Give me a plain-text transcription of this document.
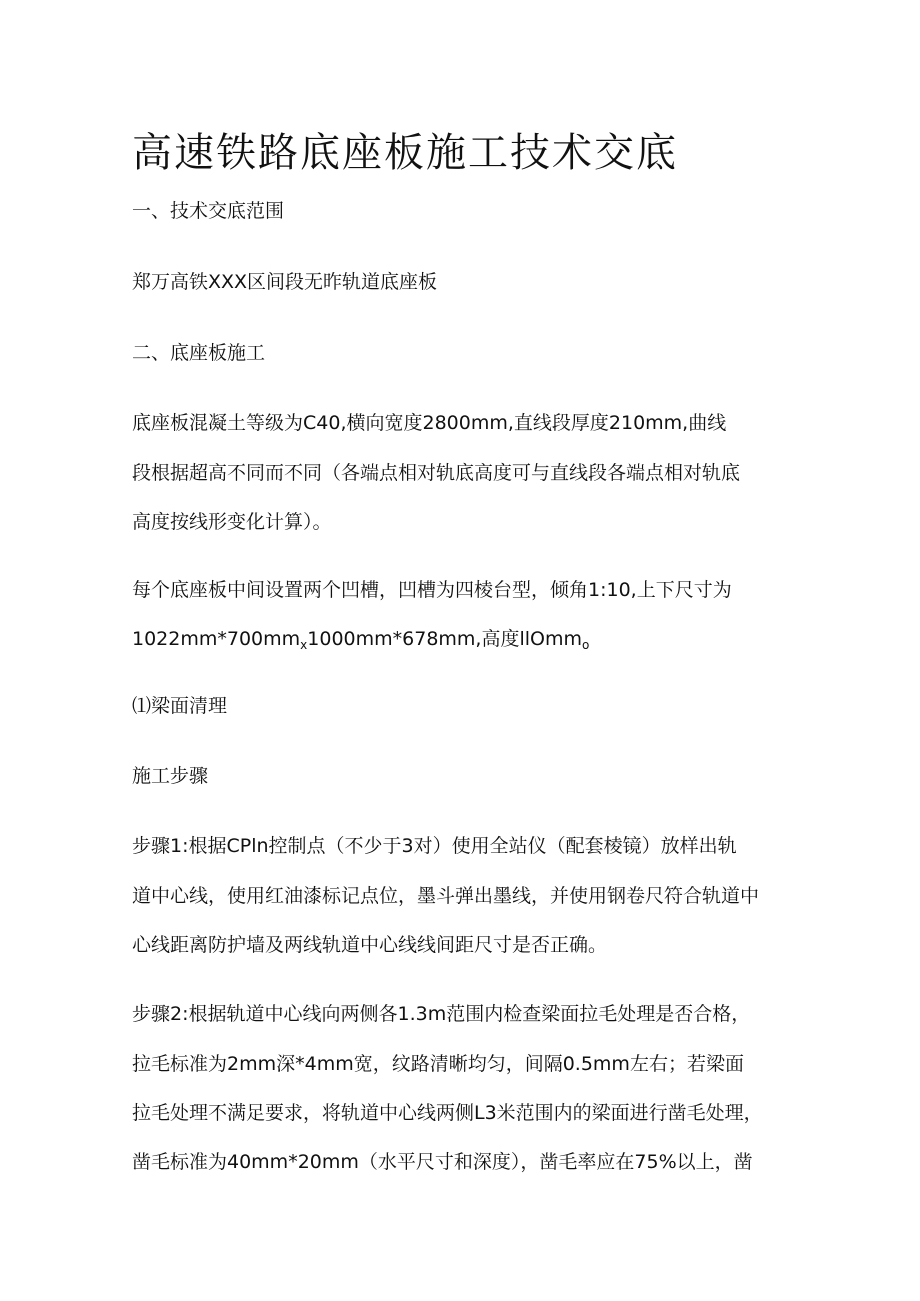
高速铁路底座板施工技术交底

一、技术交底范围

郑万高铁XXX区间段无昨轨道底座板

二、底座板施工

底座板混凝土等级为C40,横向宽度2800mm,直线段厚度210mm,曲线

段根据超高不同而不同（各端点相对轨底高度可与直线段各端点相对轨底

高度按线形变化计算）。

每个底座板中间设置两个凹槽，凹槽为四棱台型，倾角1:10,上下尺寸为

$1022mm*700mm_x1000mm*678mm$,高度llOmm$_o$

⑴梁面清理

施工步骤

步骤1:根据CPln控制点（不少于3对）使用全站仪（配套棱镜）放样出轨

道中心线，使用红油漆标记点位，墨斗弹出墨线，并使用钢卷尺符合轨道中

心线距离防护墙及两线轨道中心线线间距尺寸是否正确。

步骤2:根据轨道中心线向两侧各1.3m范围内检查梁面拉毛处理是否合格，

拉毛标准为2mm深*4mm宽，纹路清晰均匀，间隔0.5mm左右；若梁面

拉毛处理不满足要求，将轨道中心线两侧L3米范围内的梁面进行凿毛处理，

凿毛标准为40mm*20mm（水平尺寸和深度），凿毛率应在75%以上，凿
